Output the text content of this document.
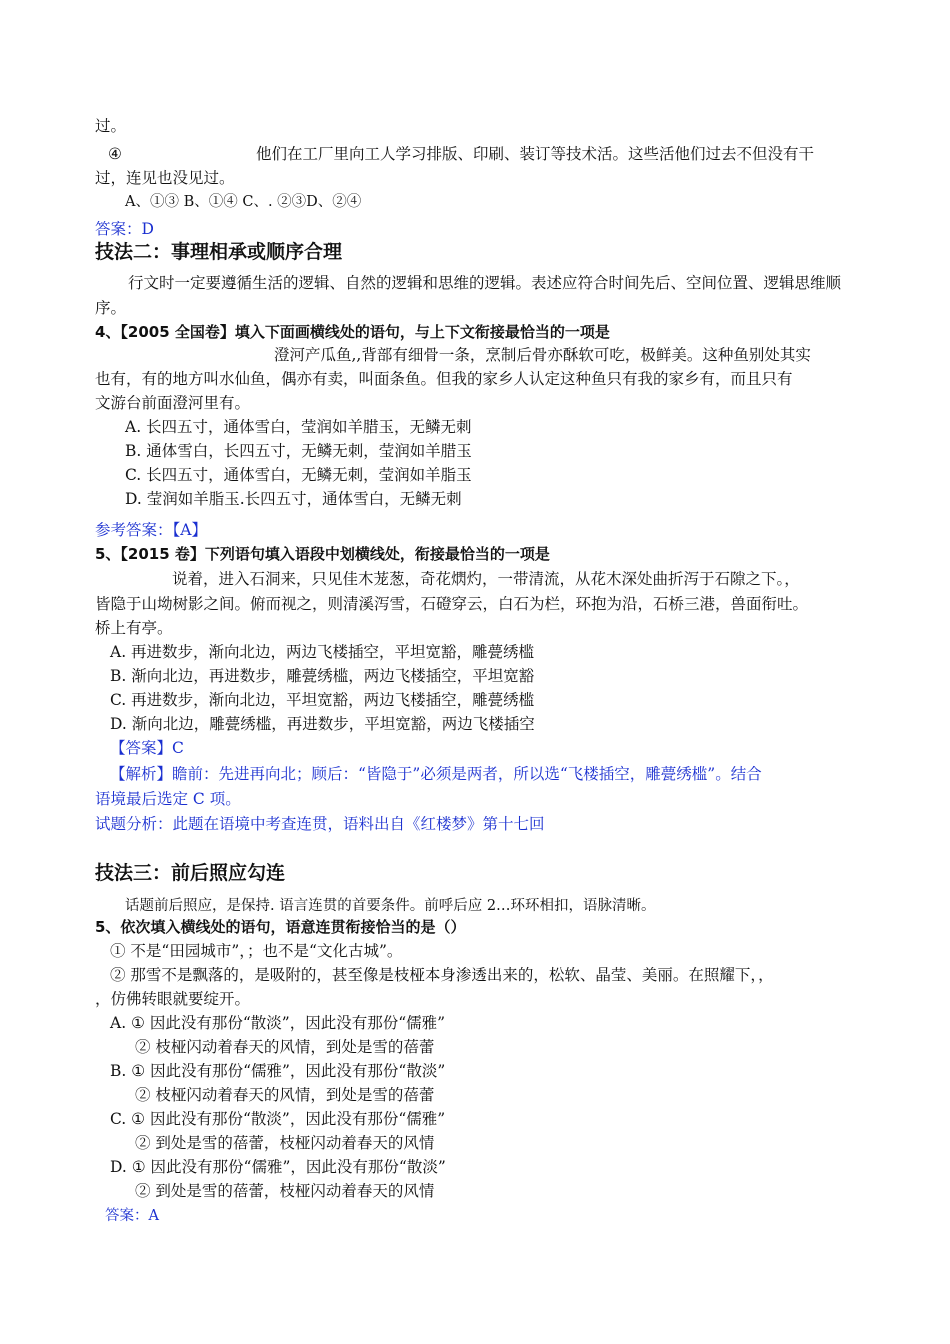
过。
④	他们在工厂里向工人学习排版、印刷、装订等技术活。这些活他们过去不但没有干
过，连见也没见过。
A、①③ B、①④ C、. ②③D、②④
答案：D
技法二：事理相承或顺序合理
行文时一定要遵循生活的逻辑、自然的逻辑和思维的逻辑。表述应符合时间先后、空间位置、逻辑思维顺
序。
4、【2005 全国卷】填入下面画横线处的语句，与上下文衔接最恰当的一项是
澄河产瓜鱼,,背部有细骨一条，烹制后骨亦酥软可吃，极鲜美。这种鱼别处其实
也有，有的地方叫水仙鱼，偶亦有卖，叫面条鱼。但我的家乡人认定这种鱼只有我的家乡有，而且只有
文游台前面澄河里有。
A. 长四五寸，通体雪白，莹润如羊腊玉，无鳞无刺
B. 通体雪白，长四五寸，无鳞无刺，莹润如羊腊玉
C. 长四五寸，通体雪白，无鳞无刺，莹润如羊脂玉
D. 莹润如羊脂玉.长四五寸，通体雪白，无鳞无刺
参考答案：【A】
5、【2015 卷】下列语句填入语段中划横线处，衔接最恰当的一项是
说着，进入石洞来，只见佳木茏葱，奇花熌灼，一带清流，从花木深处曲折泻于石隙之下。，
皆隐于山坳树影之间。俯而视之，则清溪泻雪，石磴穿云，白石为栏，环抱为沿，石桥三港，兽面衔吐。
桥上有亭。
A. 再进数步，渐向北边，两边飞楼插空，平坦宽豁，雕甍绣槛
B. 渐向北边，再进数步，雕甍绣槛，两边飞楼插空，平坦宽豁
C. 再进数步，渐向北边，平坦宽豁，两边飞楼插空，雕甍绣槛
D. 渐向北边，雕甍绣槛，再进数步，平坦宽豁，两边飞楼插空
【答案】C
【解析】瞻前：先进再向北；顾后：“皆隐于”必须是两者，所以选“飞楼插空，雕甍绣槛”。结合
语境最后选定 C 项。
试题分析：此题在语境中考查连贯，语料出自《红楼梦》第十七回
技法三：前后照应勾连
话题前后照应，是保持. 语言连贯的首要条件。前呼后应 2…环环相扣，语脉清晰。
5、依次填入横线处的语句，语意连贯衔接恰当的是（）
① 不是“田园城市”，；也不是“文化古城”。
② 那雪不是飘落的，是吸附的，甚至像是枝桠本身渗透出来的，松软、晶莹、美丽。在照耀下，，
，仿佛转眼就要绽开。
A. ① 因此没有那份“散淡”，因此没有那份“儒雅”
② 枝桠闪动着春天的风情，到处是雪的蓓蕾
B. ① 因此没有那份“儒雅”，因此没有那份“散淡”
② 枝桠闪动着春天的风情，到处是雪的蓓蕾
C. ① 因此没有那份“散淡”，因此没有那份“儒雅”
② 到处是雪的蓓蕾，枝桠闪动着春天的风情
D. ① 因此没有那份“儒雅”，因此没有那份“散淡”
② 到处是雪的蓓蕾，枝桠闪动着春天的风情
答案：A
